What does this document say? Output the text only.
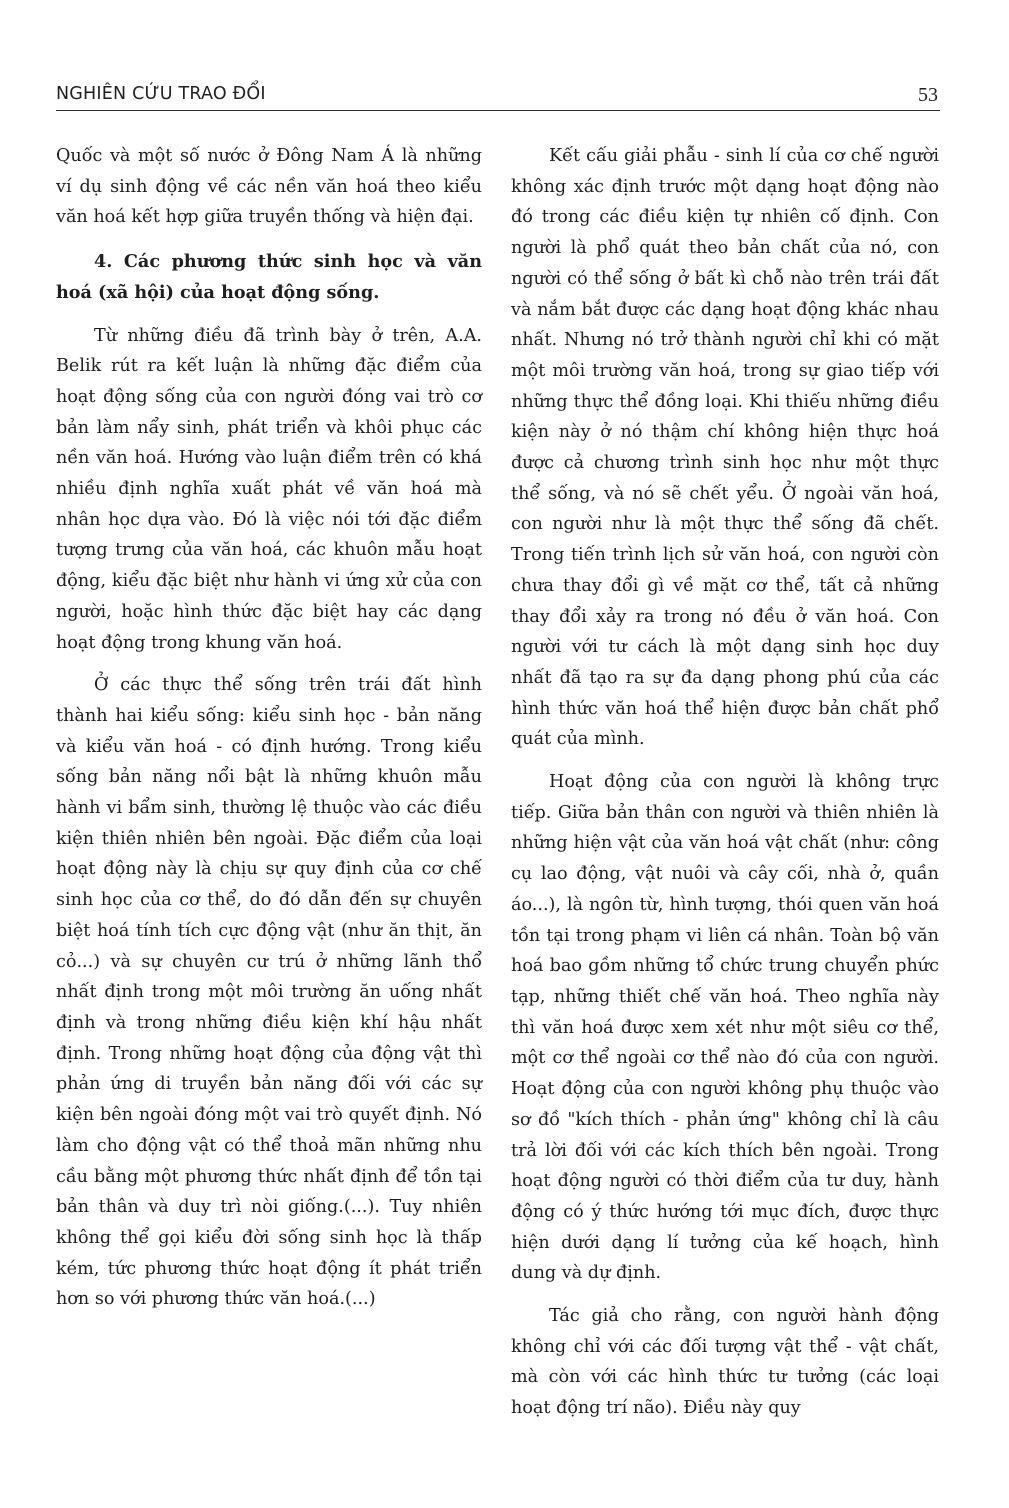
NGHIÊN CỨU TRAO ĐỔI	53

Quốc và một số nước ở Đông Nam Á là những ví dụ sinh động về các nền văn hoá theo kiểu văn hoá kết hợp giữa truyền thống và hiện đại.

4. Các phương thức sinh học và văn hoá (xã hội) của hoạt động sống.

Từ những điều đã trình bày ở trên, A.A. Belik rút ra kết luận là những đặc điểm của hoạt động sống của con người đóng vai trò cơ bản làm nẩy sinh, phát triển và khôi phục các nền văn hoá. Hướng vào luận điểm trên có khá nhiều định nghĩa xuất phát về văn hoá mà nhân học dựa vào. Đó là việc nói tới đặc điểm tượng trưng của văn hoá, các khuôn mẫu hoạt động, kiểu đặc biệt như hành vi ứng xử của con người, hoặc hình thức đặc biệt hay các dạng hoạt động trong khung văn hoá.

Ở các thực thể sống trên trái đất hình thành hai kiểu sống: kiểu sinh học - bản năng và kiểu văn hoá - có định hướng. Trong kiểu sống bản năng nổi bật là những khuôn mẫu hành vi bẩm sinh, thường lệ thuộc vào các điều kiện thiên nhiên bên ngoài. Đặc điểm của loại hoạt động này là chịu sự quy định của cơ chế sinh học của cơ thể, do đó dẫn đến sự chuyên biệt hoá tính tích cực động vật (như ăn thịt, ăn cỏ...) và sự chuyên cư trú ở những lãnh thổ nhất định trong một môi trường ăn uống nhất định và trong những điều kiện khí hậu nhất định. Trong những hoạt động của động vật thì phản ứng di truyền bản năng đối với các sự kiện bên ngoài đóng một vai trò quyết định. Nó làm cho động vật có thể thoả mãn những nhu cầu bằng một phương thức nhất định để tồn tại bản thân và duy trì nòi giống.(...). Tuy nhiên không thể gọi kiểu đời sống sinh học là thấp kém, tức phương thức hoạt động ít phát triển hơn so với phương thức văn hoá.(...)

Kết cấu giải phẫu - sinh lí của cơ chế người không xác định trước một dạng hoạt động nào đó trong các điều kiện tự nhiên cố định. Con người là phổ quát theo bản chất của nó, con người có thể sống ở bất kì chỗ nào trên trái đất và nắm bắt được các dạng hoạt động khác nhau nhất. Nhưng nó trở thành người chỉ khi có mặt một môi trường văn hoá, trong sự giao tiếp với những thực thể đồng loại. Khi thiếu những điều kiện này ở nó thậm chí không hiện thực hoá được cả chương trình sinh học như một thực thể sống, và nó sẽ chết yểu. Ở ngoài văn hoá, con người như là một thực thể sống đã chết. Trong tiến trình lịch sử văn hoá, con người còn chưa thay đổi gì về mặt cơ thể, tất cả những thay đổi xảy ra trong nó đều ở văn hoá. Con người với tư cách là một dạng sinh học duy nhất đã tạo ra sự đa dạng phong phú của các hình thức văn hoá thể hiện được bản chất phổ quát của mình.

Hoạt động của con người là không trực tiếp. Giữa bản thân con người và thiên nhiên là những hiện vật của văn hoá vật chất (như: công cụ lao động, vật nuôi và cây cối, nhà ở, quần áo...), là ngôn từ, hình tượng, thói quen văn hoá tồn tại trong phạm vi liên cá nhân. Toàn bộ văn hoá bao gồm những tổ chức trung chuyển phức tạp, những thiết chế văn hoá. Theo nghĩa này thì văn hoá được xem xét như một siêu cơ thể, một cơ thể ngoài cơ thể nào đó của con người. Hoạt động của con người không phụ thuộc vào sơ đồ "kích thích - phản ứng" không chỉ là câu trả lời đối với các kích thích bên ngoài. Trong hoạt động người có thời điểm của tư duy, hành động có ý thức hướng tới mục đích, được thực hiện dưới dạng lí tưởng của kế hoạch, hình dung và dự định.

Tác giả cho rằng, con người hành động không chỉ với các đối tượng vật thể - vật chất, mà còn với các hình thức tư tưởng (các loại hoạt động trí não). Điều này quy
